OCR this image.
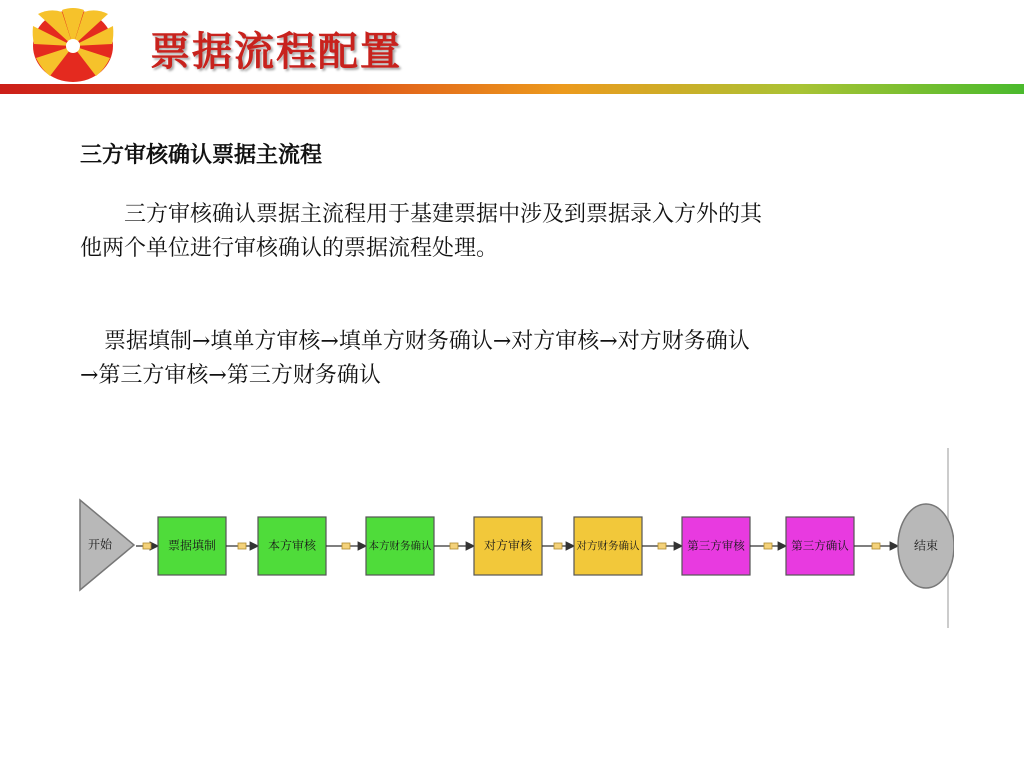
票据流程配置
三方审核确认票据主流程
三方审核确认票据主流程用于基建票据中涉及到票据录入方外的其
他两个单位进行审核确认的票据流程处理。
票据填制→填单方审核→填单方财务确认→对方审核→对方财务确认
→第三方审核→第三方财务确认
开始	票据填制	本方审核	本方财务确认	对方审核	对方财务确认	第三方审核	第三方确认	结束
